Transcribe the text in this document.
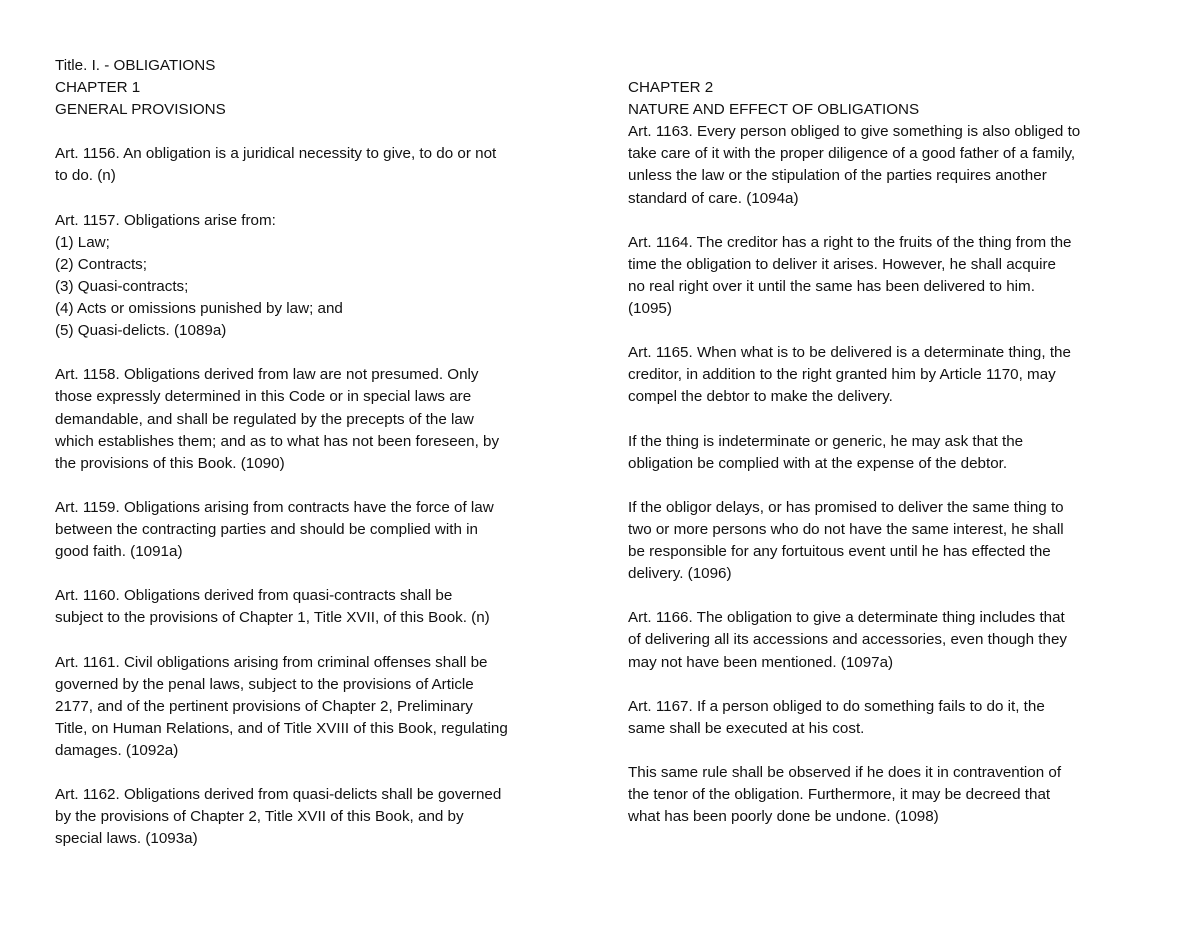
Title. I. - OBLIGATIONS
CHAPTER 1
GENERAL PROVISIONS
Art. 1156. An obligation is a juridical necessity to give, to do or not
to do. (n)
Art. 1157. Obligations arise from:
(1) Law;
(2) Contracts;
(3) Quasi-contracts;
(4) Acts or omissions punished by law; and
(5) Quasi-delicts. (1089a)
Art. 1158. Obligations derived from law are not presumed. Only
those expressly determined in this Code or in special laws are
demandable, and shall be regulated by the precepts of the law
which establishes them; and as to what has not been foreseen, by
the provisions of this Book. (1090)
Art. 1159. Obligations arising from contracts have the force of law
between the contracting parties and should be complied with in
good faith. (1091a)
Art. 1160. Obligations derived from quasi-contracts shall be
subject to the provisions of Chapter 1, Title XVII, of this Book. (n)
Art. 1161. Civil obligations arising from criminal offenses shall be
governed by the penal laws, subject to the provisions of Article
2177, and of the pertinent provisions of Chapter 2, Preliminary
Title, on Human Relations, and of Title XVIII of this Book, regulating
damages. (1092a)
Art. 1162. Obligations derived from quasi-delicts shall be governed
by the provisions of Chapter 2, Title XVII of this Book, and by
special laws. (1093a)
CHAPTER 2
NATURE AND EFFECT OF OBLIGATIONS
Art. 1163. Every person obliged to give something is also obliged to
take care of it with the proper diligence of a good father of a family,
unless the law or the stipulation of the parties requires another
standard of care. (1094a)
Art. 1164. The creditor has a right to the fruits of the thing from the
time the obligation to deliver it arises. However, he shall acquire
no real right over it until the same has been delivered to him.
(1095)
Art. 1165. When what is to be delivered is a determinate thing, the
creditor, in addition to the right granted him by Article 1170, may
compel the debtor to make the delivery.
If the thing is indeterminate or generic, he may ask that the
obligation be complied with at the expense of the debtor.
If the obligor delays, or has promised to deliver the same thing to
two or more persons who do not have the same interest, he shall
be responsible for any fortuitous event until he has effected the
delivery. (1096)
Art. 1166. The obligation to give a determinate thing includes that
of delivering all its accessions and accessories, even though they
may not have been mentioned. (1097a)
Art. 1167. If a person obliged to do something fails to do it, the
same shall be executed at his cost.
This same rule shall be observed if he does it in contravention of
the tenor of the obligation. Furthermore, it may be decreed that
what has been poorly done be undone. (1098)
